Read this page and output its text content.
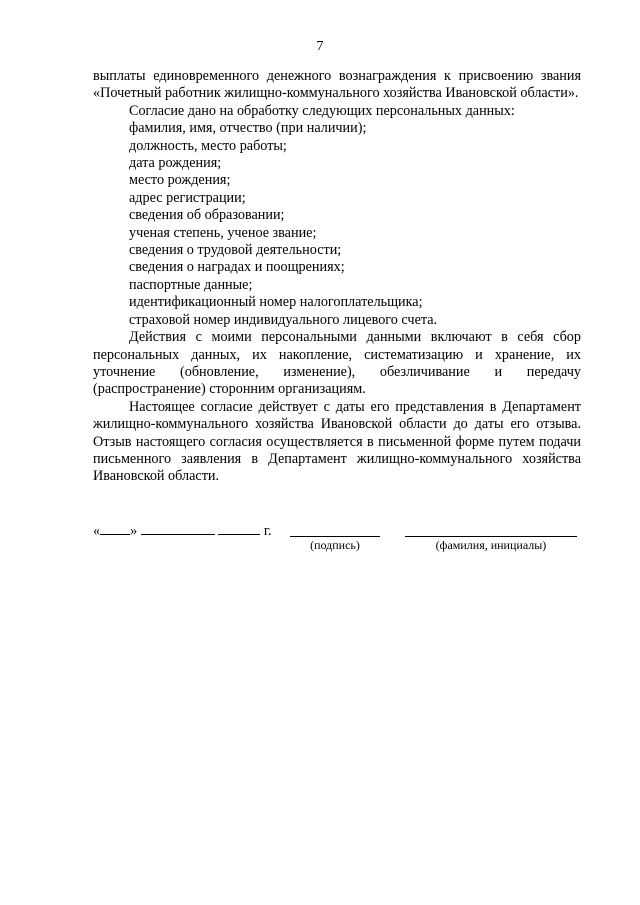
7

выплаты единовременного денежного вознаграждения к присвоению звания «Почетный работник жилищно-коммунального хозяйства Ивановской области».

Согласие дано на обработку следующих персональных данных:

фамилия, имя, отчество (при наличии);

должность, место работы;

дата рождения;

место рождения;

адрес регистрации;

сведения об образовании;

ученая степень, ученое звание;

сведения о трудовой деятельности;

сведения о наградах и поощрениях;

паспортные данные;

идентификационный номер налогоплательщика;

страховой номер индивидуального лицевого счета.

Действия с моими персональными данными включают в себя сбор персональных данных, их накопление, систематизацию и хранение, их уточнение (обновление, изменение), обезличивание и передачу (распространение) сторонним организациям.

Настоящее согласие действует с даты его представления в Департамент жилищно-коммунального хозяйства Ивановской области до даты его отзыва. Отзыв настоящего согласия осуществляется в письменной форме путем подачи письменного заявления в Департамент жилищно-коммунального хозяйства Ивановской области.

« »	г.
(подпись)	(фамилия, инициалы)
